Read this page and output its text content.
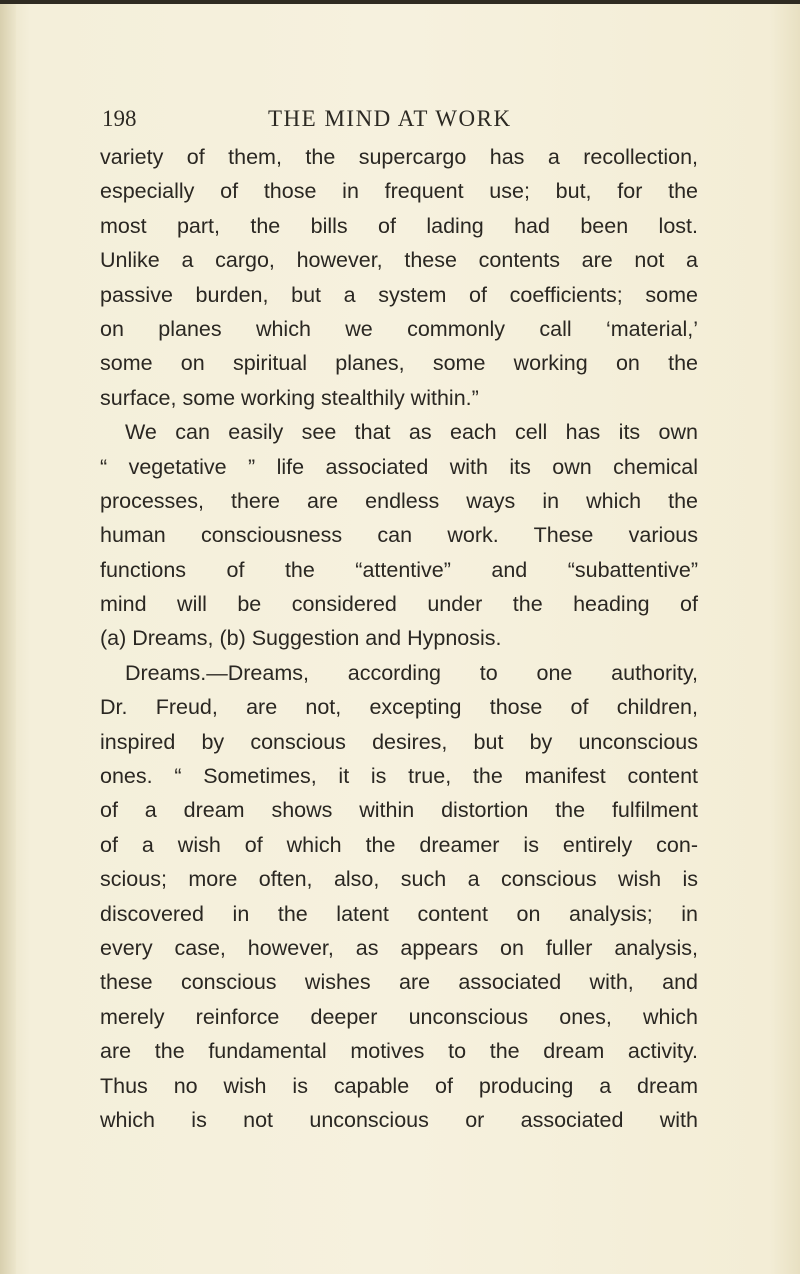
198	THE MIND AT WORK
variety of them, the supercargo has a recollection,
especially of those in frequent use; but, for the
most part, the bills of lading had been lost.
Unlike a cargo, however, these contents are not a
passive burden, but a system of coefficients; some
on planes which we commonly call ‘material,’
some on spiritual planes, some working on the
surface, some working stealthily within.”
We can easily see that as each cell has its own
“ vegetative ” life associated with its own chemical
processes, there are endless ways in which the
human consciousness can work. These various
functions of the “attentive” and “subattentive”
mind will be considered under the heading of
(a) Dreams, (b) Suggestion and Hypnosis.
Dreams.—Dreams, according to one authority,
Dr. Freud, are not, excepting those of children,
inspired by conscious desires, but by unconscious
ones. “ Sometimes, it is true, the manifest content
of a dream shows within distortion the fulfilment
of a wish of which the dreamer is entirely con-
scious; more often, also, such a conscious wish is
discovered in the latent content on analysis; in
every case, however, as appears on fuller analysis,
these conscious wishes are associated with, and
merely reinforce deeper unconscious ones, which
are the fundamental motives to the dream activity.
Thus no wish is capable of producing a dream
which is not unconscious or associated with
